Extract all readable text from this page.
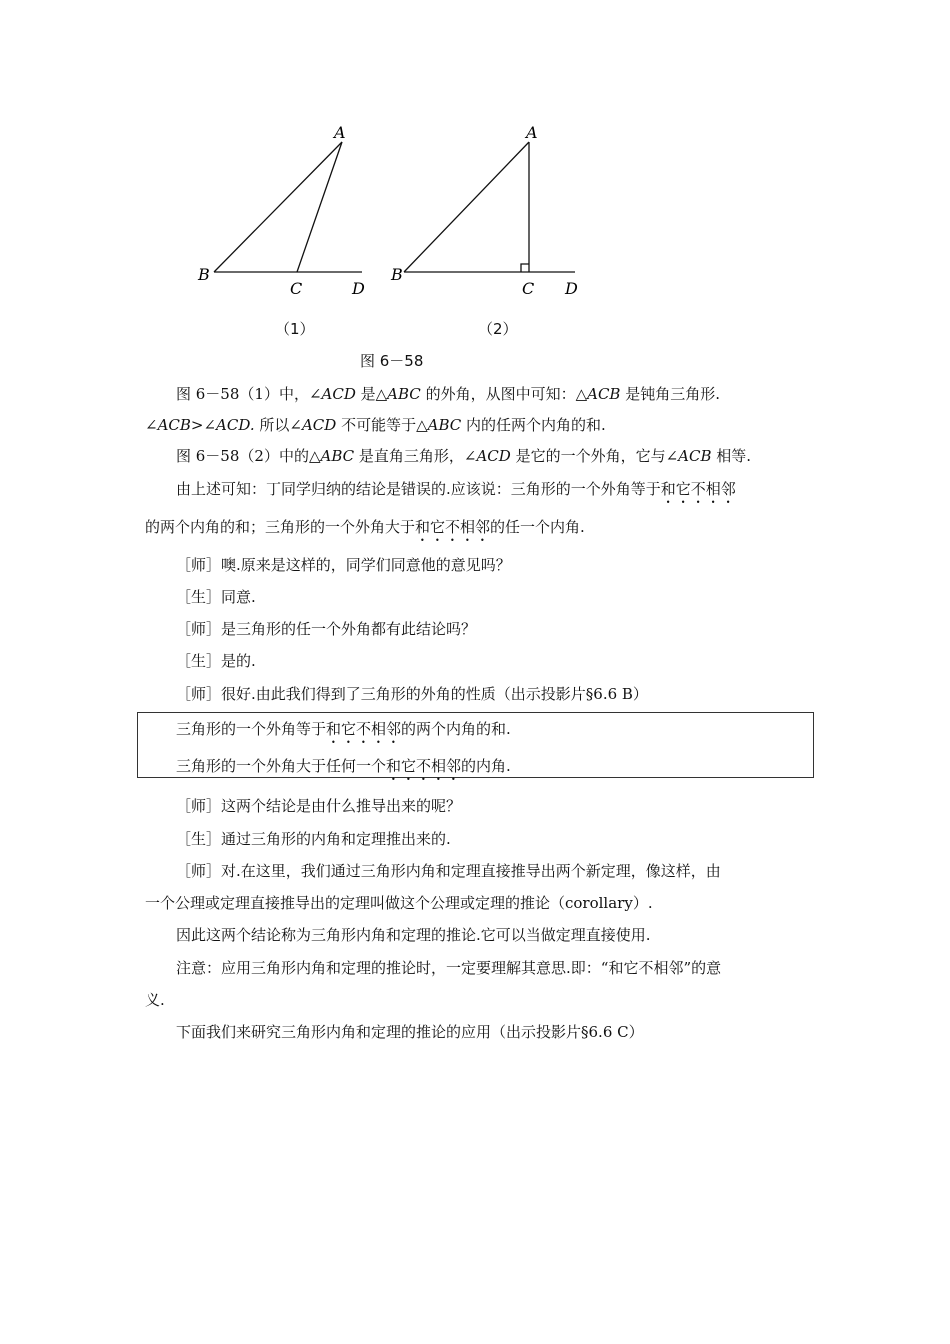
A
B
C	D
A
B
C D
（1）	（2）
图 6－58
图 6－58（1）中，∠ACD 是△ABC 的外角，从图中可知：△ACB 是钝角三角形.
∠ACB>∠ACD. 所以∠ACD 不可能等于△ABC 内的任两个内角的和.
图 6－58（2）中的△ABC 是直角三角形，∠ACD 是它的一个外角，它与∠ACB 相等.
由上述可知：丁同学归纳的结论是错误的.应该说：三角形的一个外角等于和它不相邻
的两个内角的和；三角形的一个外角大于和它不相邻的任一个内角.
［师］噢.原来是这样的，同学们同意他的意见吗？
［生］同意.
［师］是三角形的任一个外角都有此结论吗？
［生］是的.
［师］很好.由此我们得到了三角形的外角的性质（出示投影片§6.6 B）
三角形的一个外角等于和它不相邻的两个内角的和.
三角形的一个外角大于任何一个和它不相邻的内角.
［师］这两个结论是由什么推导出来的呢？
［生］通过三角形的内角和定理推出来的.
［师］对.在这里，我们通过三角形内角和定理直接推导出两个新定理，像这样，由
一个公理或定理直接推导出的定理叫做这个公理或定理的推论（corollary）.
因此这两个结论称为三角形内角和定理的推论.它可以当做定理直接使用.
注意：应用三角形内角和定理的推论时，一定要理解其意思.即：“和它不相邻”的意
义.
下面我们来研究三角形内角和定理的推论的应用（出示投影片§6.6 C）
